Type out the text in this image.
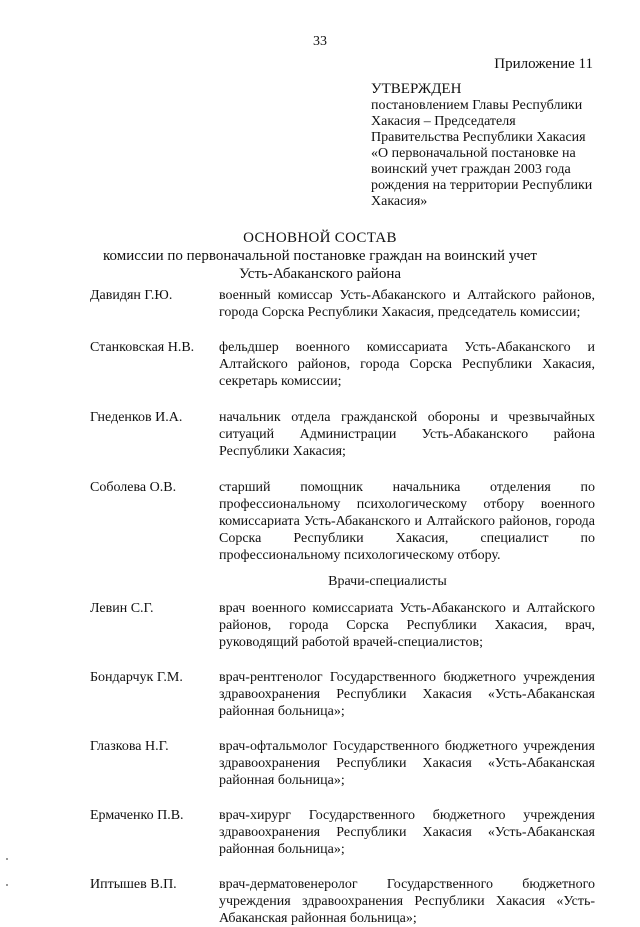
33
Приложение 11
УТВЕРЖДЕН
постановлением Главы Республики
Хакасия – Председателя
Правительства Республики Хакасия
«О первоначальной постановке на
воинский учет граждан 2003 года
рождения на территории Республики
Хакасия»
ОСНОВНОЙ СОСТАВ
комиссии по первоначальной постановке граждан на воинский учет
Усть-Абаканского района
Давидян Г.Ю.	военный комиссар Усть-Абаканского и Алтайского районов, города Сорска Республики Хакасия, председатель комиссии;
Станковская Н.В.	фельдшер военного комиссариата Усть-Абаканского и Алтайского районов, города Сорска Республики Хакасия, секретарь комиссии;
Гнеденков И.А.	начальник отдела гражданской обороны и чрезвычайных ситуаций Администрации Усть-Абаканского района Республики Хакасия;
Соболева О.В.	старший помощник начальника отделения по профессиональному психологическому отбору военного комиссариата Усть-Абаканского и Алтайского районов, города Сорска Республики Хакасия, специалист по профессиональному психологическому отбору.
Врачи-специалисты
Левин С.Г.	врач военного комиссариата Усть-Абаканского и Алтайского районов, города Сорска Республики Хакасия, врач, руководящий работой врачей-специалистов;
Бондарчук Г.М.	врач-рентгенолог Государственного бюджетного учреждения здравоохранения Республики Хакасия «Усть-Абаканская районная больница»;
Глазкова Н.Г.	врач-офтальмолог Государственного бюджетного учреждения здравоохранения Республики Хакасия «Усть-Абаканская районная больница»;
Ермаченко П.В.	врач-хирург Государственного бюджетного учреждения здравоохранения Республики Хакасия «Усть-Абаканская районная больница»;
Иптышев В.П.	врач-дерматовенеролог Государственного бюджетного учреждения здравоохранения Республики Хакасия «Усть-Абаканская районная больница»;
